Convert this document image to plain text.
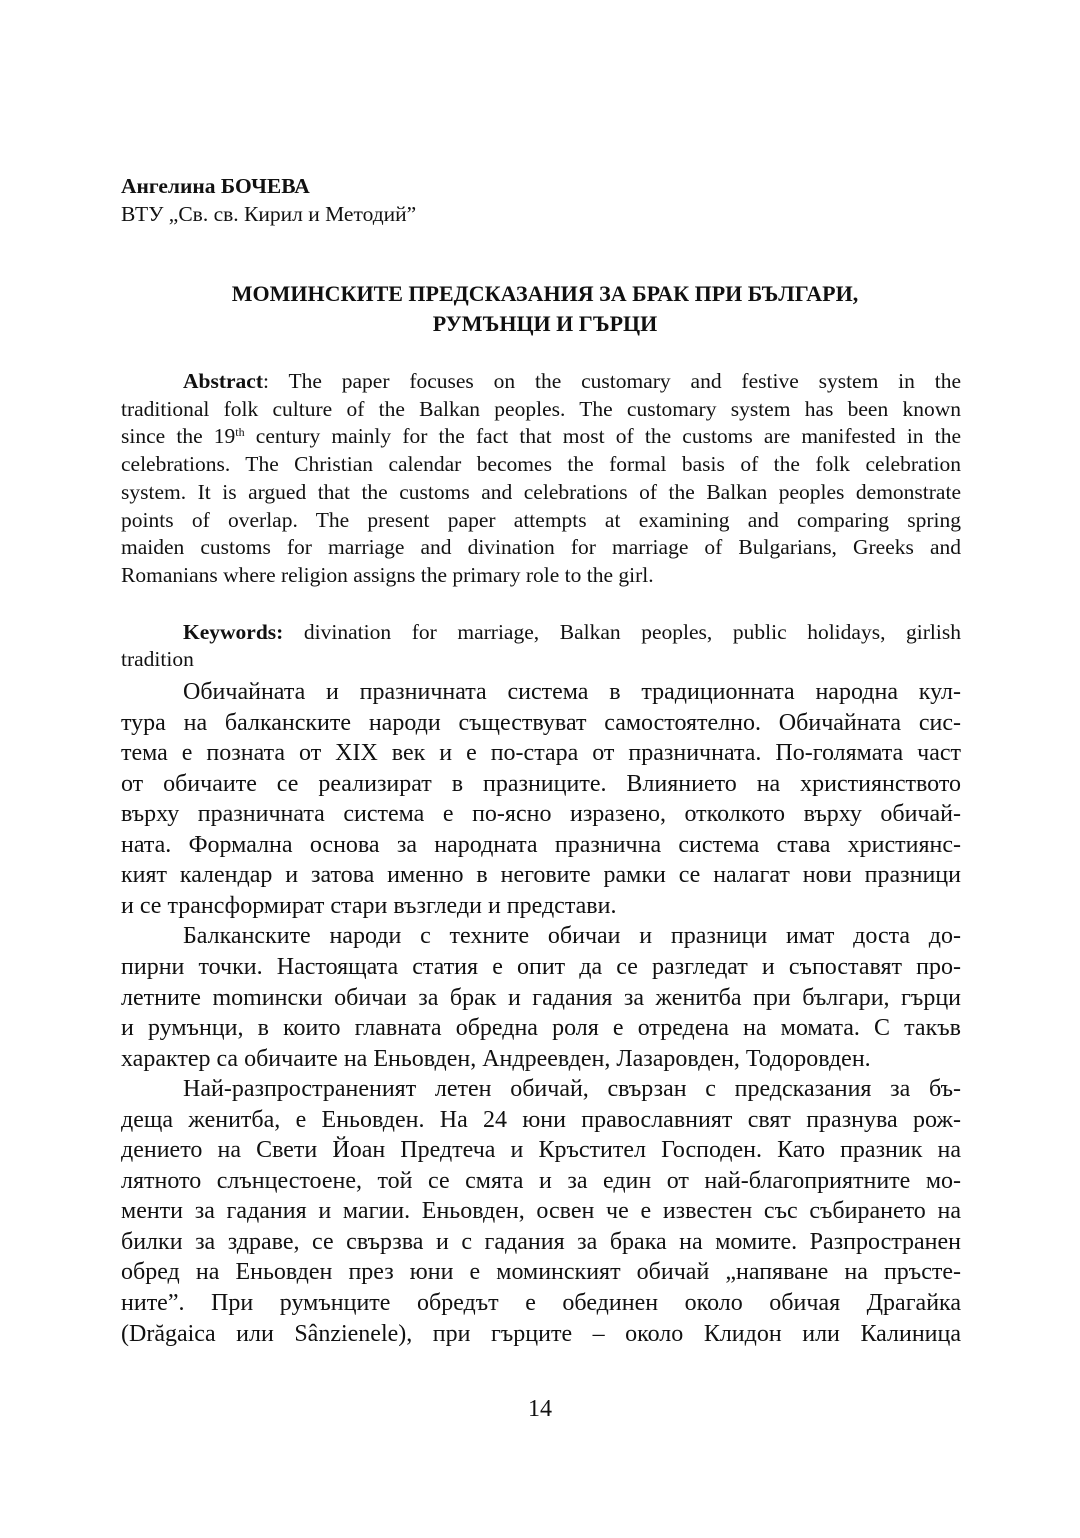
Ангелина БОЧЕВА
ВТУ „Св. св. Кирил и Методий”
МОМИНСКИТЕ ПРЕДСКАЗАНИЯ ЗА БРАК ПРИ БЪЛГАРИ,
РУМЪНЦИ И ГЪРЦИ
Abstract: The paper focuses on the customary and festive system in the
traditional folk culture of the Balkan peoples. The customary system has been known
since the 19th century mainly for the fact that most of the customs are manifested in the
celebrations. The Christian calendar becomes the formal basis of the folk celebration
system. It is argued that the customs and celebrations of the Balkan peoples demonstrate
points of overlap. The present paper attempts at examining and comparing spring
maiden customs for marriage and divination for marriage of Bulgarians, Greeks and
Romanians where religion assigns the primary role to the girl.
Keywords: divination for marriage, Balkan peoples, public holidays, girlish
tradition
Обичайната и празничната система в традиционната народна кул-
тура на балканските народи съществуват самостоятелно. Обичайната сис-
тема е позната от XIX век и е по-стара от празничната. По-голямата част
от обичаите се реализират в празниците. Влиянието на християнството
върху празничната система е по-ясно изразено, отколкото върху обичай-
ната. Формална основа за народната празнична система става християнс-
кият календар и затова именно в неговите рамки се налагат нови празници
и се трансформират стари възгледи и представи.
Балканските народи с техните обичаи и празници имат доста до-
пирни точки. Настоящата статия е опит да се разгледат и съпоставят про-
летните momински обичаи за брак и гадания за женитба при българи, гърци
и румънци, в които главната обредна роля е отредена на момата. С такъв
характер са обичаите на Еньовден, Андреевден, Лазаровден, Тодоровден.
Най-разпространеният летен обичай, свързан с предсказания за бъ-
деща женитба, е Еньовден. На 24 юни православният свят празнува рож-
дението на Свети Йоан Предтеча и Кръстител Господен. Като празник на
лятното слънцестоене, той се смята и за един от най-благоприятните мо-
менти за гадания и магии. Еньовден, освен че е известен със събирането на
билки за здраве, се свързва и с гадания за брака на момите. Разпространен
обред на Еньовден през юни е моминският обичай „напяване на пръсте-
ните”. При румънците обредът е обединен около обичая Драгайка
(Drăgaica или Sânzienele), при гърците – около Клидон или Калиница
14
